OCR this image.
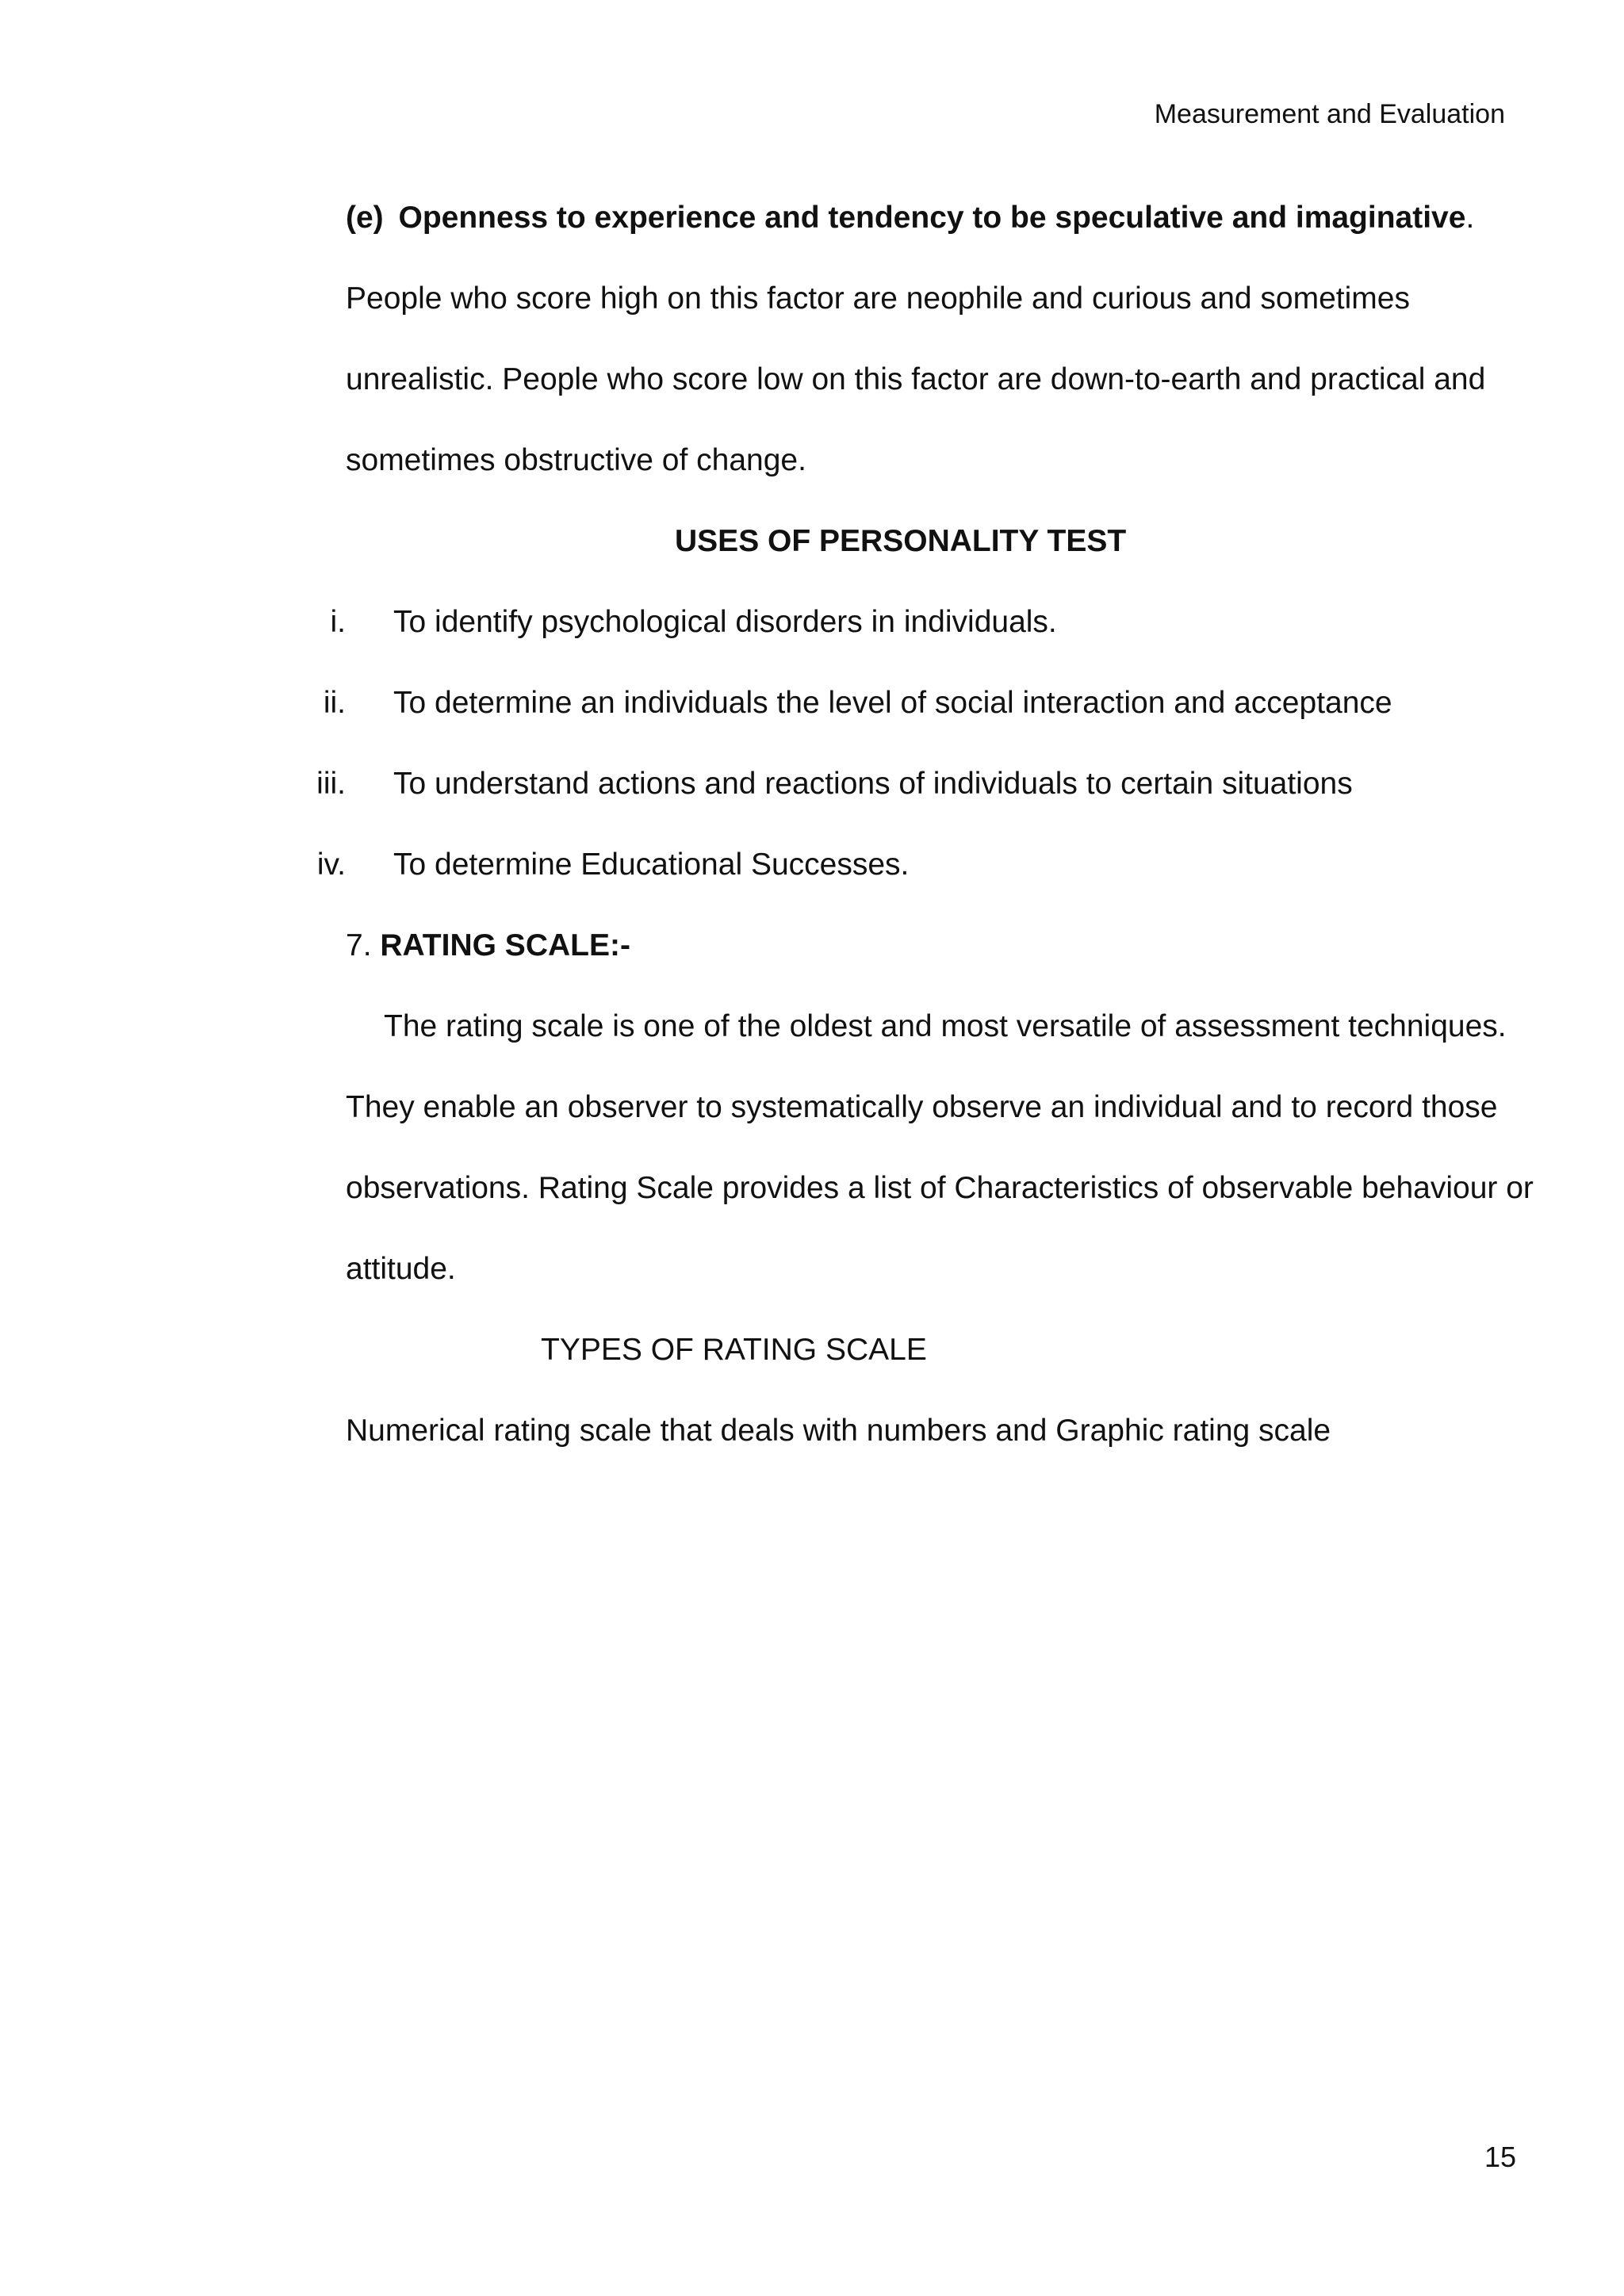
Measurement and Evaluation
(e) Openness to experience and tendency to be speculative and imaginative.
People who score high on this factor are neophile and curious and sometimes
unrealistic. People who score low on this factor are down-to-earth and practical and
sometimes obstructive of change.
USES OF PERSONALITY TEST
i. To identify psychological disorders in individuals.
ii. To determine an individuals the level of social interaction and acceptance
iii. To understand actions and reactions of individuals to certain situations
iv. To determine Educational Successes.
7. RATING SCALE:-
The rating scale is one of the oldest and most versatile of assessment techniques.
They enable an observer to systematically observe an individual and to record those
observations. Rating Scale provides a list of Characteristics of observable behaviour or
attitude.
TYPES OF RATING SCALE
Numerical rating scale that deals with numbers and Graphic rating scale
15
